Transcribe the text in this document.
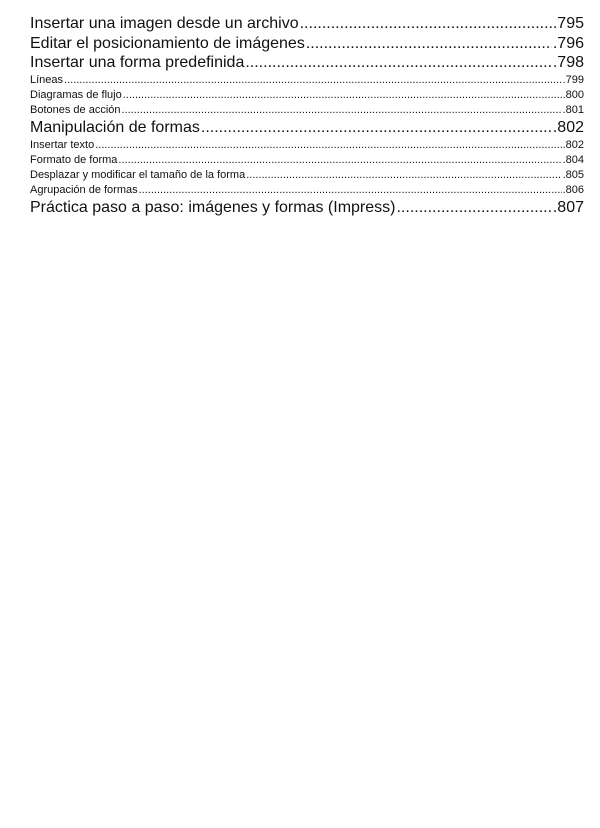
Insertar una imagen desde un archivo .....	.795
Editar el posicionamiento de imágenes .....	.796
Insertar una forma predefinida .....	.798
Líneas .....	.799
Diagramas de flujo .....	.800
Botones de acción .....	.801
Manipulación de formas .....	.802
Insertar texto .....	.802
Formato de forma .....	.804
Desplazar y modificar el tamaño de la forma .....	.805
Agrupación de formas .....	.806
Práctica paso a paso: imágenes y formas (Impress) .....	.807
